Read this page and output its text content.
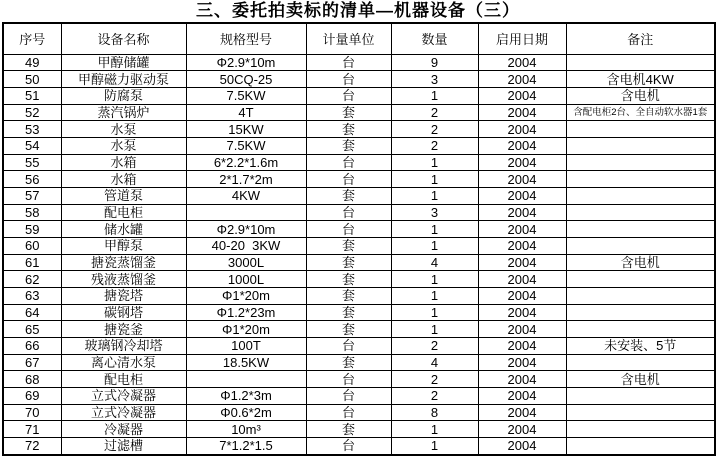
三、委托拍卖标的清单—机器设备（三）
序号	设备名称	规格型号	计量单位	数量	启用日期	备注
49	甲醇储罐	Φ2.9*10m	台	9	2004	
50	甲醇磁力驱动泵	50CQ-25	台	3	2004	含电机4KW
51	防腐泵	7.5KW	台	1	2004	含电机
52	蒸汽锅炉	4T	套	2	2004	含配电柜2台、全自动软水器1套
53	水泵	15KW	套	2	2004	
54	水泵	7.5KW	套	2	2004	
55	水箱	6*2.2*1.6m	台	1	2004	
56	水箱	2*1.7*2m	台	1	2004	
57	管道泵	4KW	套	1	2004	
58	配电柜		台	3	2004	
59	储水罐	Φ2.9*10m	台	1	2004	
60	甲醇泵	40-20  3KW	套	1	2004	
61	搪瓷蒸馏釜	3000L	套	4	2004	含电机
62	残液蒸馏釜	1000L	套	1	2004	
63	搪瓷塔	Φ1*20m	套	1	2004	
64	碳钢塔	Φ1.2*23m	套	1	2004	
65	搪瓷釜	Φ1*20m	套	1	2004	
66	玻璃钢冷却塔	100T	台	2	2004	未安装、5节
67	离心清水泵	18.5KW	套	4	2004	
68	配电柜		台	2	2004	含电机
69	立式冷凝器	Φ1.2*3m	台	2	2004	
70	立式冷凝器	Φ0.6*2m	台	8	2004	
71	冷凝器	10m³	套	1	2004	
72	过滤槽	7*1.2*1.5	台	1	2004	
